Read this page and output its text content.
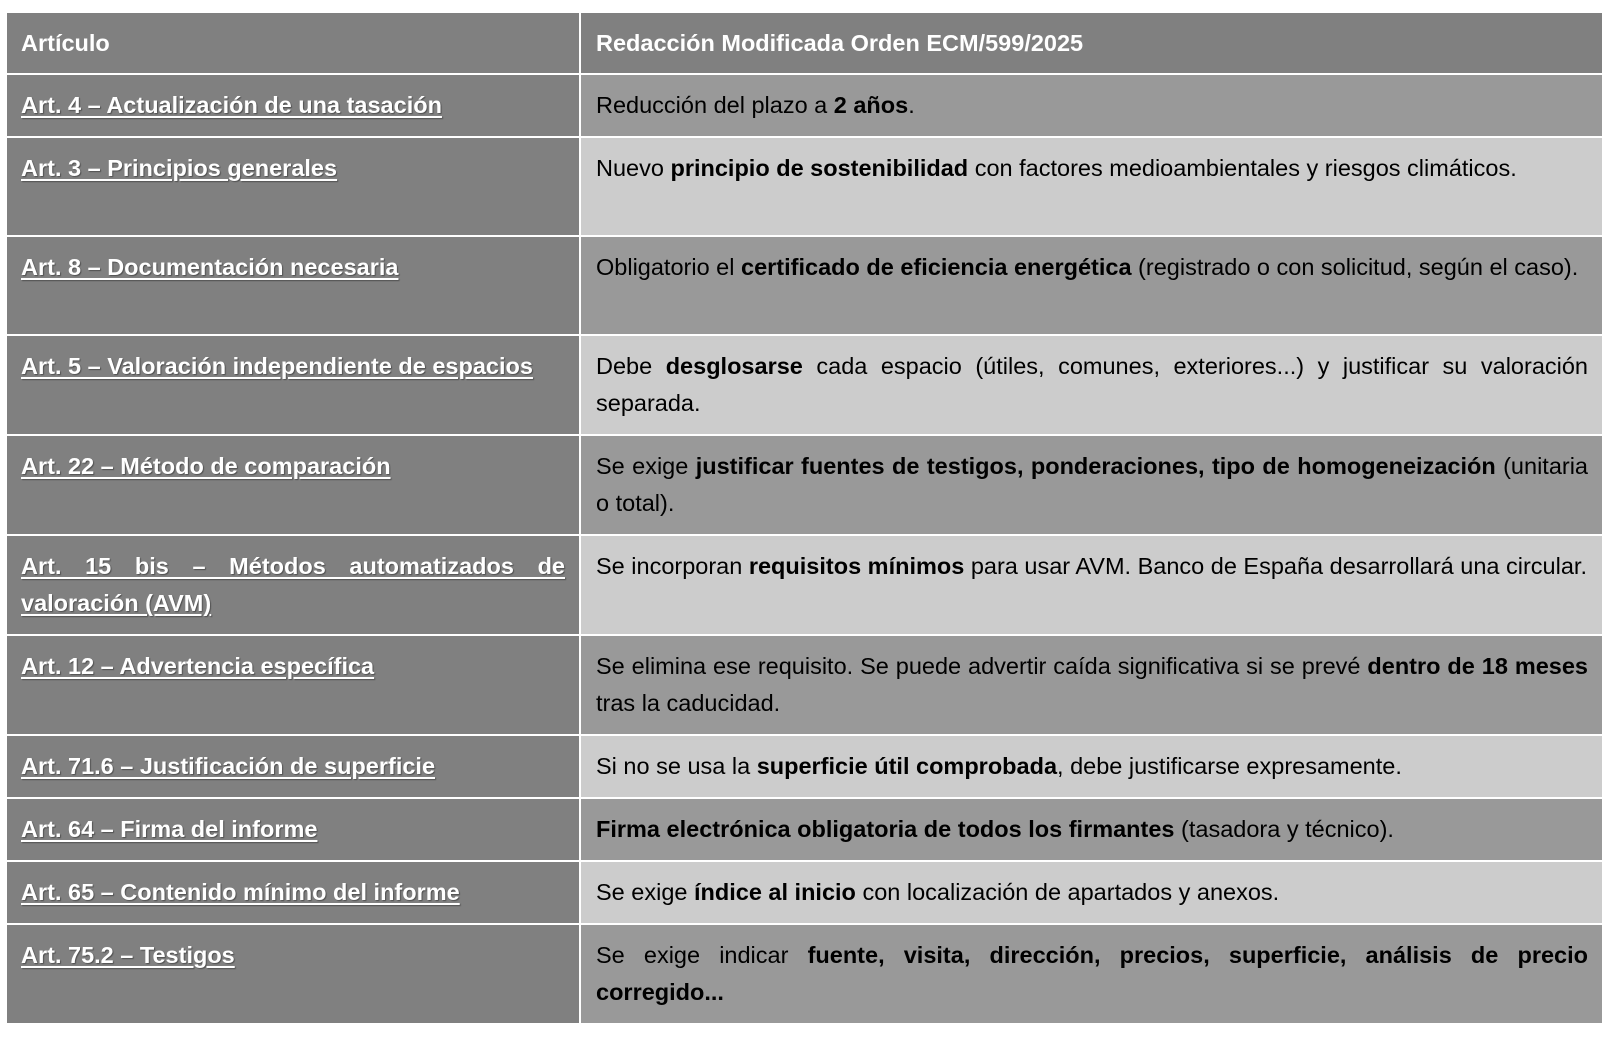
Artículo	Redacción Modificada Orden ECM/599/2025

Art. 4 – Actualización de una tasación	Reducción del plazo a 2 años.

Art. 3 – Principios generales	Nuevo principio de sostenibilidad con factores medioambientales y riesgos climáticos.

Art. 8 – Documentación necesaria	Obligatorio el certificado de eficiencia energética (registrado o con solicitud, según el caso).

Art. 5 – Valoración independiente de espacios	Debe desglosarse cada espacio (útiles, comunes, exteriores...) y justificar su valoración separada.

Art. 22 – Método de comparación	Se exige justificar fuentes de testigos, ponderaciones, tipo de homogeneización (unitaria o total).

Art. 15 bis – Métodos automatizados de valoración (AVM)	Se incorporan requisitos mínimos para usar AVM. Banco de España desarrollará una circular.

Art. 12 – Advertencia específica	Se elimina ese requisito. Se puede advertir caída significativa si se prevé dentro de 18 meses tras la caducidad.

Art. 71.6 – Justificación de superficie	Si no se usa la superficie útil comprobada, debe justificarse expresamente.

Art. 64 – Firma del informe	Firma electrónica obligatoria de todos los firmantes (tasadora y técnico).

Art. 65 – Contenido mínimo del informe	Se exige índice al inicio con localización de apartados y anexos.

Art. 75.2 – Testigos	Se exige indicar fuente, visita, dirección, precios, superficie, análisis de precio corregido...
